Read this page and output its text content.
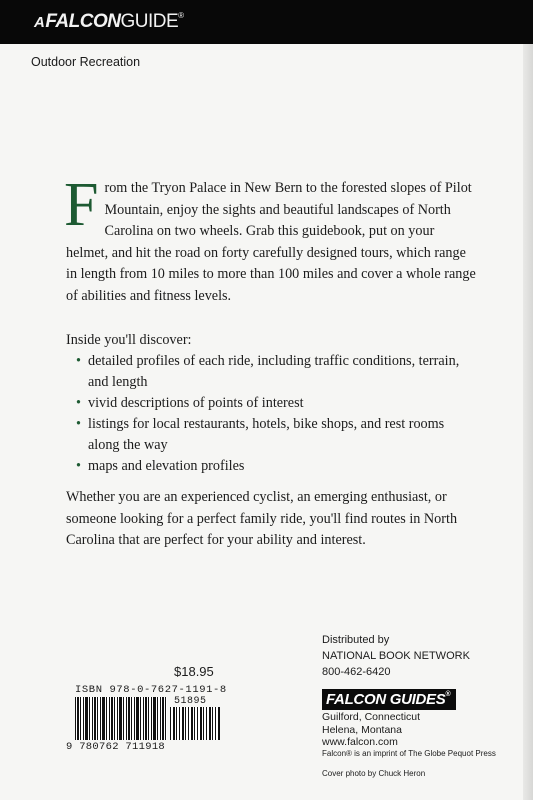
AFALCONGUIDE®
Outdoor Recreation

From the Tryon Palace in New Bern to the forested slopes of Pilot Mountain, enjoy the sights and beautiful landscapes of North Carolina on two wheels. Grab this guidebook, put on your helmet, and hit the road on forty carefully designed tours, which range in length from 10 miles to more than 100 miles and cover a whole range of abilities and fitness levels.

Inside you'll discover:
• detailed profiles of each ride, including traffic conditions, terrain, and length
• vivid descriptions of points of interest
• listings for local restaurants, hotels, bike shops, and rest rooms along the way
• maps and elevation profiles

Whether you are an experienced cyclist, an emerging enthusiast, or someone looking for a perfect family ride, you'll find routes in North Carolina that are perfect for your ability and interest.

$18.95
ISBN 978-0-7627-1191-8
51895
9 780762 711918
Distributed by
NATIONAL BOOK NETWORK
800-462-6420
FALCON GUIDES®
Guilford, Connecticut
Helena, Montana
www.falcon.com
Falcon® is an imprint of The Globe Pequot Press
Cover photo by Chuck Heron
